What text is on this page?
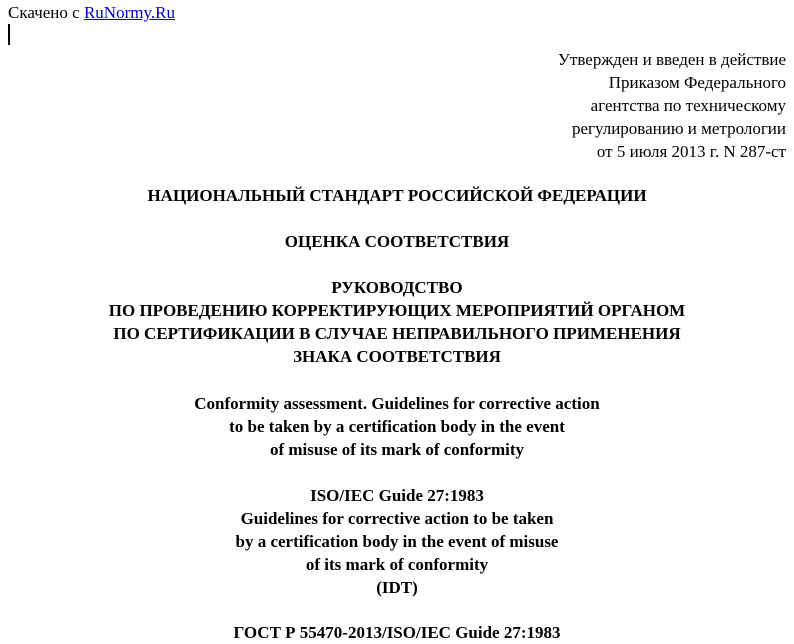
Скачено с RuNormy.Ru
Утвержден и введен в действие
Приказом Федерального
агентства по техническому
регулированию и метрологии
от 5 июля 2013 г. N 287-ст
НАЦИОНАЛЬНЫЙ СТАНДАРТ РОССИЙСКОЙ ФЕДЕРАЦИИ
ОЦЕНКА СООТВЕТСТВИЯ
РУКОВОДСТВО
ПО ПРОВЕДЕНИЮ КОРРЕКТИРУЮЩИХ МЕРОПРИЯТИЙ ОРГАНОМ
ПО СЕРТИФИКАЦИИ В СЛУЧАЕ НЕПРАВИЛЬНОГО ПРИМЕНЕНИЯ
ЗНАКА СООТВЕТСТВИЯ
Conformity assessment. Guidelines for corrective action
to be taken by a certification body in the event
of misuse of its mark of conformity
ISO/IEC Guide 27:1983
Guidelines for corrective action to be taken
by a certification body in the event of misuse
of its mark of conformity
(IDT)
ГОСТ Р 55470-2013/ISO/IEC Guide 27:1983
